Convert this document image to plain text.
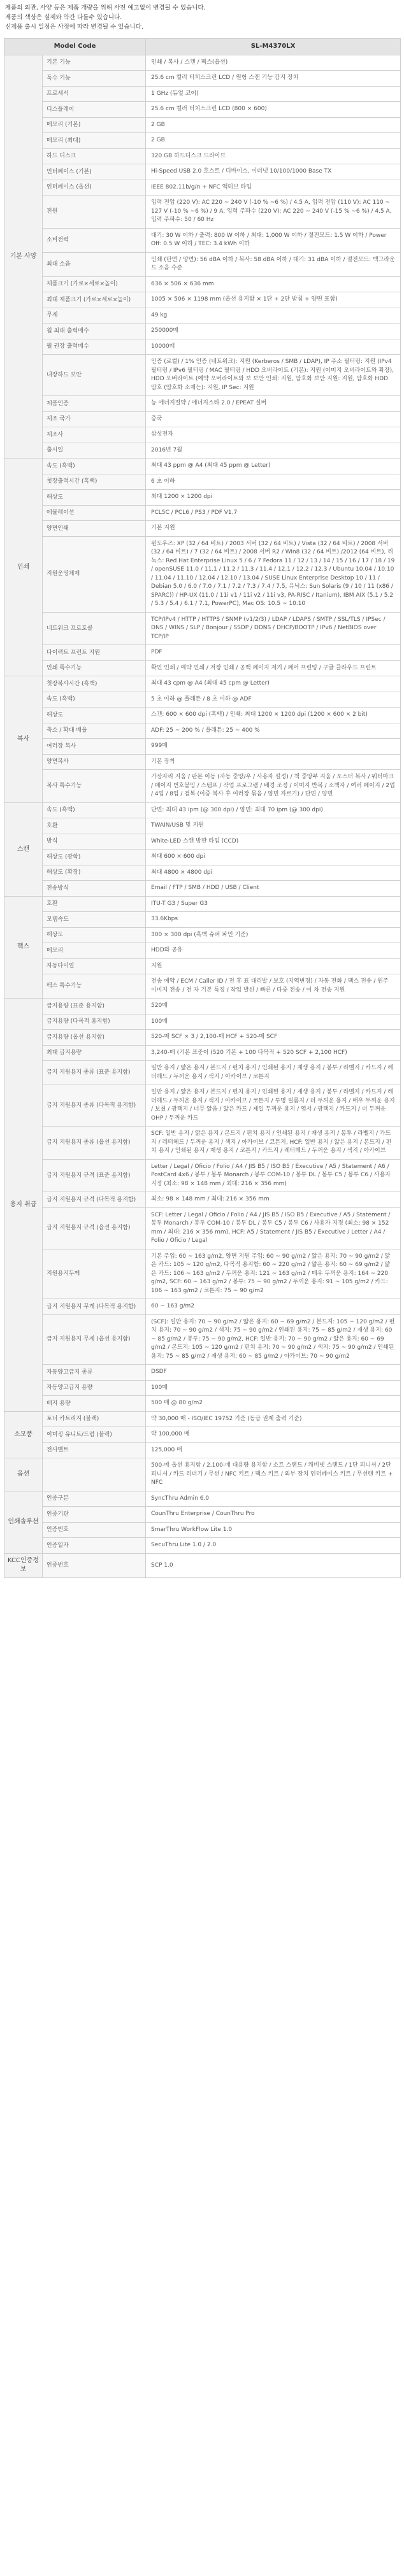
제품의 외관, 사양 등은 제품 개량을 위해 사전 예고없이 변경될 수 있습니다.

제품의 색상은 실제와 약간 다를수 있습니다.

신제품 출시 일정은 사정에 따라 변경될 수 있습니다.

Model Code		SL-M4370LX
기본 사양	기본 기능	인쇄 / 복사 / 스캔 / 팩스(옵션)
	특수 기능	25.6 cm 컬러 터치스크린 LCD / 원형 스캔 기능 감지 장치
	프로세서	1 GHz (듀얼 코어)
	디스플레이	25.6 cm 컬러 터치스크린 LCD (800 × 600)
	메모리 (기본)	2 GB
	메모리 (최대)	2 GB
	하드 디스크	320 GB 하드디스크 드라이브
	인터페이스 (기본)	Hi-Speed USB 2.0 호스트 / 디바이스, 이더넷 10/100/1000 Base TX
	인터페이스 (옵션)	IEEE 802.11b/g/n + NFC 액티브 타입
	전원	입력 전압 (220 V): AC 220 ~ 240 V (-10 % ~6 %) / 4.5 A, 입력 전압 (110 V): AC 110 ~ 127 V (-10 % ~6 %) / 9 A, 입력 주파수 (220 V): AC 220 ~ 240 V (-15 % ~6 %) / 4.5 A, 입력 주파수: 50 / 60 Hz
	소비전력	대기: 30 W 이하 / 출력: 800 W 이하 / 최대: 1,000 W 이하 / 절전모드: 1.5 W 이하 / Power Off: 0.5 W 이하 / TEC: 3.4 kWh 이하
	최대 소음	인쇄 (단면 / 양면): 56 dBA 이하 / 복사: 58 dBA 이하 / 대기: 31 dBA 이하 / 절전모드: 백그라운드 소음 수준
	제품크기 (가로×세로×높이)	636 × 506 × 636 mm
	최대 제품크기 (가로×세로×높이)	1005 × 506 × 1198 mm (옵션 용지함 × 1단 + 2단 받침 + 양면 포함)
	무게	49 kg
	월 최대 출력매수	250000매
	월 권장 출력매수	10000매
	내장하드 보안	인증 (로컬) / 1% 인증 (네트워크): 지원 (Kerberos / SMB / LDAP), IP 주소 필터링: 지원 (IPv4 필터링 / IPv6 필터링 / MAC 필터링 / HDD 오버라이트 (기본): 지원 (이미지 오버라이트와 확장), HDD 오버라이트 (예약 오버라이트와 보 보안 인쇄: 지원, 암호화 보안 지원: 지원, 암호화 HDD 암호 (암호화 소재는): 지원, IP Sec: 지원
	제품인증	능 에너지절약 / 에너지스타 2.0 / EPEAT 실버
	제조 국가	중국
	제조사	삼성전자
	출시일	2016년 7월
인쇄	속도 (흑백)	최대 43 ppm @ A4 (최대 45 ppm @ Letter)
	첫장출력시간 (흑백)	6 초 이하
	해상도	최대 1200 × 1200 dpi
	에뮬레이션	PCL5C / PCL6 / PS3 / PDF V1.7
	양면인쇄	기본 지원
	지원운영체제	윈도우즈: XP (32 / 64 비트) / 2003 서버 (32 / 64 비트) / Vista (32 / 64 비트) / 2008 서버 (32 / 64 비트) / 7 (32 / 64 비트) / 2008 서버 R2 / Win8 (32 / 64 비트) /2012 (64 비트), 리눅스: Red Hat Enterprise Linux 5 / 6 / 7 Fedora 11 / 12 / 13 / 14 / 15 / 16 / 17 / 18 / 19 / openSUSE 11.0 / 11.1 / 11.2 / 11.3 / 11.4 / 12.1 / 12.2 / 12.3 / Ubuntu 10.04 / 10.10 / 11.04 / 11.10 / 12.04 / 12.10 / 13.04 / SUSE Linux Enterprise Desktop 10 / 11 / Debian 5.0 / 6.0 / 7.0 / 7.1 / 7.2 / 7.3 / 7.4 / 7.5, 유닉스: Sun Solaris (9 / 10 / 11 (x86 / SPARC)) / HP-UX (11.0 / 11i v1 / 11i v2 / 11i v3, PA-RISC / Itanium), IBM AIX (5.1 / 5.2 / 5.3 / 5.4 / 6.1 / 7.1, PowerPC), Mac OS: 10.5 ~ 10.10
	네트워크 프로토콜	TCP/IPv4 / HTTP / HTTPS / SNMP (v1/2/3) / LDAP / LDAPS / SMTP / SSL/TLS / IPSec / DNS / WINS / SLP / Bonjour / SSDP / DDNS / DHCP/BOOTP / IPv6 / NetBIOS over TCP/IP
	다이렉트 프린트 지원	PDF
	인쇄 특수기능	확인 인쇄 / 예약 인쇄 / 저장 인쇄 / 공백 페이지 저거 / 페어 프린팅 / 구글 클라우드 프린트
복사	첫장복사시간 (흑백)	최대 43 cpm @ A4 (최대 45 cpm @ Letter)
	속도 (흑백)	5 초 이하 @ 플래튼 / 8 초 이하 @ ADF
	해상도	스캔: 600 × 600 dpi (흑백) / 인쇄: 최대 1200 × 1200 dpi (1200 × 600 × 2 bit)
	축소 / 확대 배율	ADF: 25 ~ 200 % / 플래튼: 25 ~ 400 %
	여러장 복사	999매
	양면복사	기본 장착
	복사 특수기능	가장자리 지움 / 판본 이동 (자동 중앙/우 / 사용자 설정) / 책 중앙부 지움 / 포스터 복사 / 워터마크 / 페이지 번호붙임 / 스탬프 / 작업 프로그램 / 배경 조정 / 이미지 반복 / 소책자 / 여러 페이지 / 2업 / 4업 / 8업 / 겹복 (이중 복사 후 여러장 묶음 / 양면 자르기) / 단면 / 양면
스캔	속도 (흑백)	단면: 최대 43 ipm (@ 300 dpi) / 양면: 최대 70 ipm (@ 300 dpi)
	호환	TWAIN/USB 및 지원
	방식	White-LED 스캔 방판 타입 (CCD)
	해상도 (광학)	최대 600 × 600 dpi
	해상도 (확장)	최대 4800 × 4800 dpi
	전송방식	Email / FTP / SMB / HDD / USB / Client
팩스	호환	ITU-T G3 / Super G3
	모뎀속도	33.6Kbps
	해상도	300 × 300 dpi (흑백 슈퍼 파인 기준)
	메모리	HDD와 공유
	자동다이얼	지원
	팩스 특수기능	전송 예약 / ECM / Caller ID / 전 후 표 대리발 / 보호 (지역변경) / 자동 전화 / 팩스 전송 / 원주 이미지 전송 / 전 자 기본 특징 / 작업 발신 / 빠른 / 다중 전송 / 이 차 전송 지원
용지 취급	급지용량 (표준 용지함)	520매
	급지용량 (다목적 용지함)	100매
	급지용량 (옵션 용지함)	520-매 SCF × 3 / 2,100-매 HCF + 520-매 SCF
	최대 급지용량	3,240-매 (기본 표준이 (520 기본 + 100 다목적 + 520 SCF + 2,100 HCF)
	급지 지원용지 종류 (표준 용지함)	일반 용지 / 얇은 용지 / 본드지 / 펀치 용지 / 인쇄된 용지 / 재생 용지 / 봉투 / 라벨지 / 카드지 / 레터헤드 / 두꺼운 용지 / 색지 / 아카이브 / 코튼지
	급지 지원용지 종류 (다목적 용지함)	일반 용지 / 얇은 용지 / 본드지 / 펀치 용지 / 인쇄된 용지 / 재생 용지 / 봉투 / 라벨지 / 카드지 / 레터헤드 / 두꺼운 용지 / 색지 / 아카이브 / 코튼지 / 투명 필름지 / 더 두꺼운 용지 / 매우 두꺼운 용지 / 보쳤 / 광택지 / 너무 얇음 / 얇은 카드 / 제일 두꺼운 용지 / 엽서 / 광택지 / 카드지 / 더 두꺼운 OHP / 두꺼운 카드
	급지 지원용지 종류 (옵션 용지함)	SCF: 일반 용지 / 얇은 용지 / 본드지 / 펀치 용지 / 인쇄된 용지 / 재생 용지 / 봉투 / 라벨지 / 카드지 / 레터헤드 / 두꺼운 용지 / 색지 / 아카이브 / 코튼지, HCF: 일반 용지 / 얇은 용지 / 본드지 / 펀치 용지 / 인쇄된 용지 / 재생 용지 / 코튼지 / 카드지 / 레터헤드 / 두꺼운 용지 / 색지 / 아카이브
	급지 지원용지 규격 (표준 용지함)	Letter / Legal / Oficio / Folio / A4 / JIS B5 / ISO B5 / Executive / A5 / Statement / A6 / PostCard 4x6 / 봉투 / 봉투 Monarch / 봉투 COM-10 / 봉투 DL / 봉투 C5 / 봉투 C6 / 사용자 지정 (최소: 98 × 148 mm / 최대: 216 × 356 mm)
	급지 지원용지 규격 (다목적 용지함)	최소: 98 × 148 mm / 최대: 216 × 356 mm
	급지 지원용지 규격 (옵션 용지함)	SCF: Letter / Legal / Oficio / Folio / A4 / JIS B5 / ISO B5 / Executive / A5 / Statement / 봉투 Monarch / 봉투 COM-10 / 봉투 DL / 봉투 C5 / 봉투 C6 / 사용자 지정 (최소: 98 × 152 mm / 최대: 216 × 356 mm), HCF: A5 / Statement / JIS B5 / Executive / Letter / A4 / Folio / Oficio / Legal
	지원용지두께	기본 주입: 60 ~ 163 g/m2, 양면 지원 주입: 60 ~ 90 g/m2 / 얇은 용지: 70 ~ 90 g/m2 / 얇은 카드: 105 ~ 120 g/m2, 다목적 용지함: 60 ~ 220 g/m2 / 얇은 용지: 60 ~ 69 g/m2 / 얇은 카드: 106 ~ 163 g/m2 / 두꺼운 용지: 121 ~ 163 g/m2 / 매우 두꺼운 용지: 164 ~ 220 g/m2, SCF: 60 ~ 163 g/m2 / 봉투: 75 ~ 90 g/m2 / 두꺼운 용지: 91 ~ 105 g/m2 / 카드: 106 ~ 163 g/m2 / 코튼지: 75 ~ 90 g/m2
	급지 지원용지 무게 (다목적 용지함)	60 ~ 163 g/m2
	급지 지원용지 무게 (옵션 용지함)	(SCF): 일반 용지: 70 ~ 90 g/m2 / 얇은 용지: 60 ~ 69 g/m2 / 본드지: 105 ~ 120 g/m2 / 펀치 용지: 70 ~ 90 g/m2 / 색지: 75 ~ 90 g/m2 / 인쇄된 용지: 75 ~ 85 g/m2 / 재생 용지: 60 ~ 85 g/m2 / 봉투: 75 ~ 90 g/m2, HCF: 일반 용지: 70 ~ 90 g/m2 / 얇은 용지: 60 ~ 69 g/m2 / 본드지: 105 ~ 120 g/m2 / 펀치 용지: 70 ~ 90 g/m2 / 색지: 75 ~ 90 g/m2 / 인쇄된 용지: 75 ~ 85 g/m2 / 재생 용지: 60 ~ 85 g/m2 / 아카이브: 70 ~ 90 g/m2
	자동양고급지 종류	DSDF
	자동양고급지 용량	100매
	배지 용량	500 매 @ 80 g/m2
소모품	토너 카트리지 (블랙)	약 30,000 매 - ISO/IEC 19752 기준 (동급 권계 출력 기준)
	이미징 유니트/드럼 (블랙)	약 100,000 매
	전사벨트	125,000 매
옵션		500-매 옵션 용지함 / 2,100-매 대용량 용지함 / 소트 스탠드 / 캐비넷 스탠드 / 1단 피니셔 / 2단 피니셔 / 카드 리더기 / 무선 / NFC 키트 / 팩스 키트 / 외부 장치 인터페이스 키트 / 무선랜 키트 + NFC
인쇄솔루션	인증구분	SyncThru Admin 6.0
	인증기관	CounThru Enterprise / CounThru Pro
	인증번호	SmarThru WorkFlow Lite 1.0
	인증일자	SecuThru Lite 1.0 / 2.0
KCC인증정보	인증번호	SCP 1.0
